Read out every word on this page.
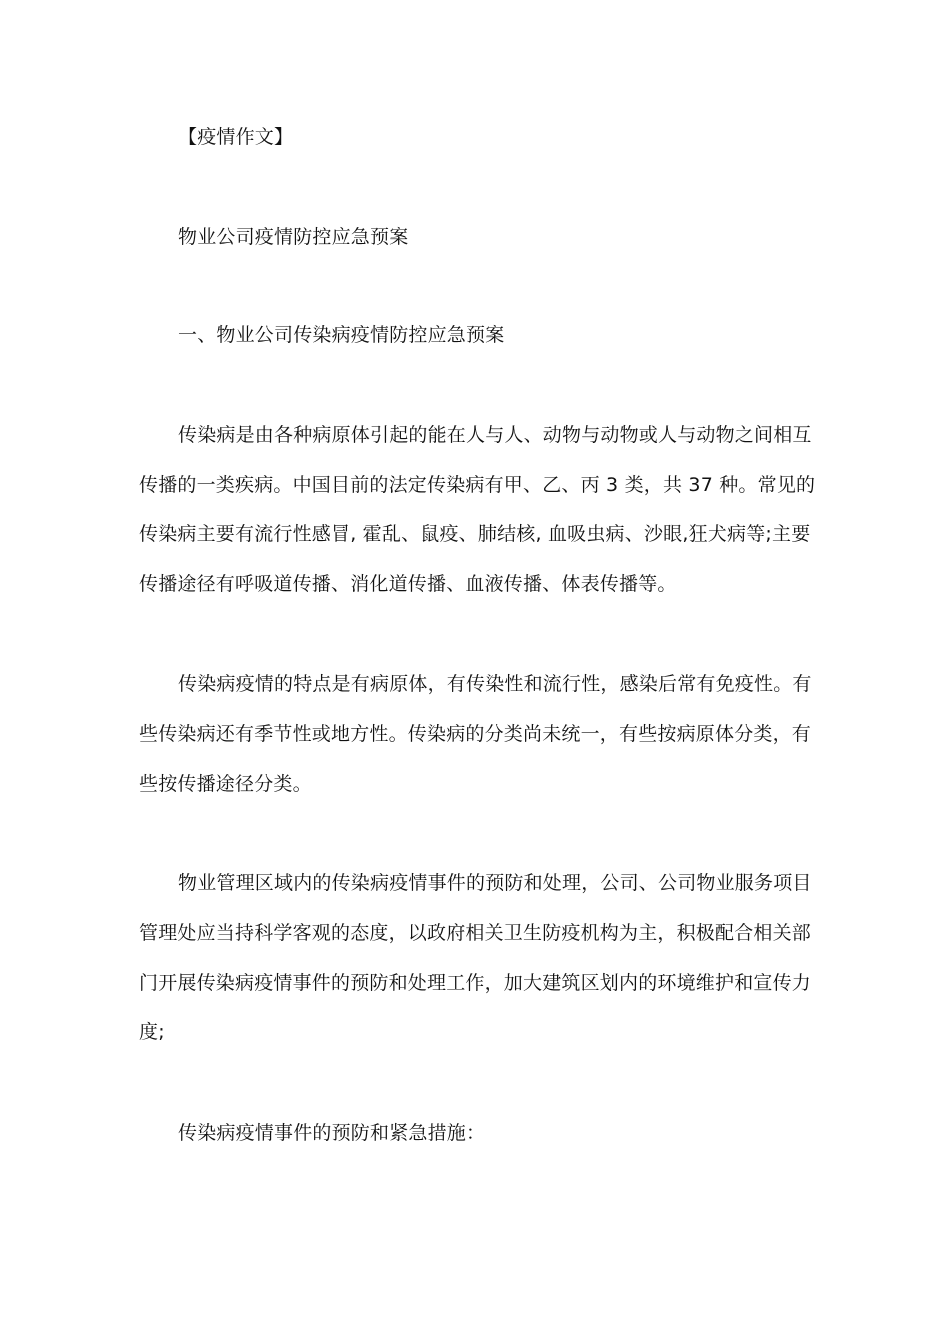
【疫情作文】
物业公司疫情防控应急预案
一、物业公司传染病疫情防控应急预案
传染病是由各种病原体引起的能在人与人、动物与动物或人与动物之间相互
传播的一类疾病。中国目前的法定传染病有甲、乙、丙 3 类，共 37 种。常见的
传染病主要有流行性感冒, 霍乱、鼠疫、肺结核, 血吸虫病、沙眼,狂犬病等;主要
传播途径有呼吸道传播、消化道传播、血液传播、体表传播等。
传染病疫情的特点是有病原体，有传染性和流行性，感染后常有免疫性。有
些传染病还有季节性或地方性。传染病的分类尚未统一，有些按病原体分类，有
些按传播途径分类。
物业管理区域内的传染病疫情事件的预防和处理，公司、公司物业服务项目
管理处应当持科学客观的态度，以政府相关卫生防疫机构为主，积极配合相关部
门开展传染病疫情事件的预防和处理工作，加大建筑区划内的环境维护和宣传力
度;
传染病疫情事件的预防和紧急措施：
